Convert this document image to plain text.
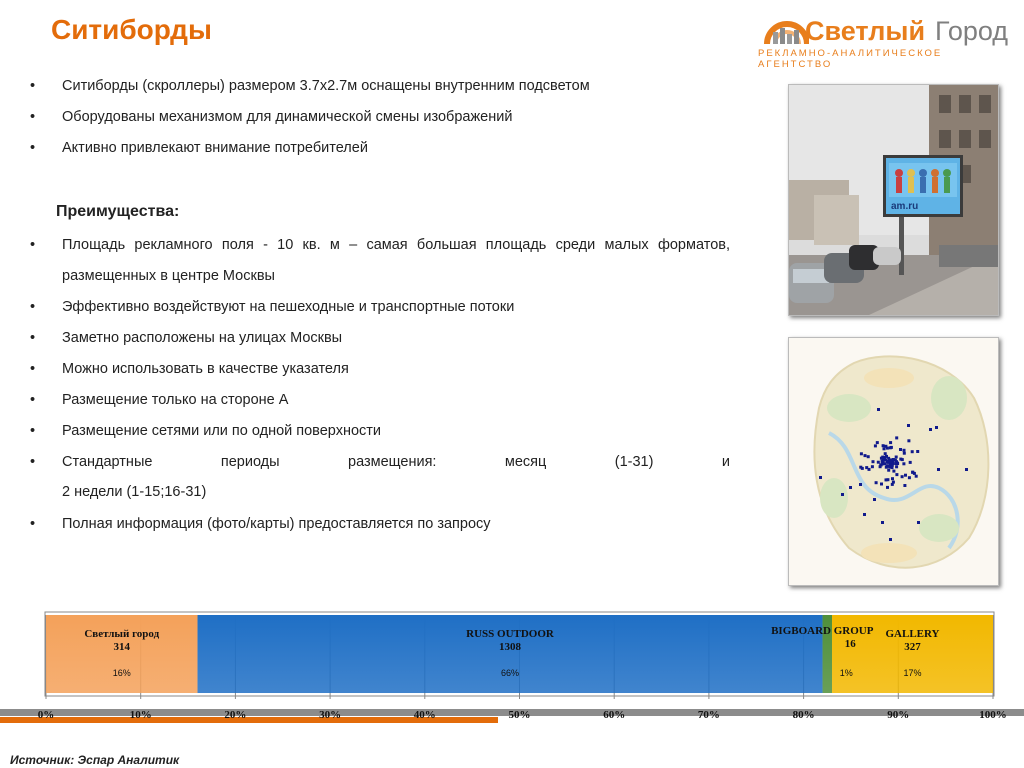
Ситиборды	Светлый Город
РЕКЛАМНО-АНАЛИТИЧЕСКОЕ АГЕНТСТВО
• Ситиборды (скроллеры) размером 3.7х2.7м оснащены внутренним подсветом
• Оборудованы механизмом для динамической смены изображений
• Активно привлекают внимание потребителей
Преимущества:
• Площадь рекламного поля - 10 кв. м – самая большая площадь среди малых форматов, размещенных в центре Москвы
• Эффективно воздействуют на пешеходные и транспортные потоки
• Заметно расположены на улицах Москвы
• Можно использовать в качестве указателя
• Размещение только на стороне А
• Размещение сетями или по одной поверхности
• Стандартные	периоды	размещения:	месяц	(1-31)	и
2 недели (1-15;16-31)
• Полная информация (фото/карты) предоставляется по запросу
am.ru
Светлый город
314
16%
RUSS OUTDOOR
1308
66%
BIGBOARD GROUP
16
1%
GALLERY
327
17%
0%	10%	20%	30%	40%	50%	60%	70%	80%	90%	100%
Источник: Эспар Аналитик
